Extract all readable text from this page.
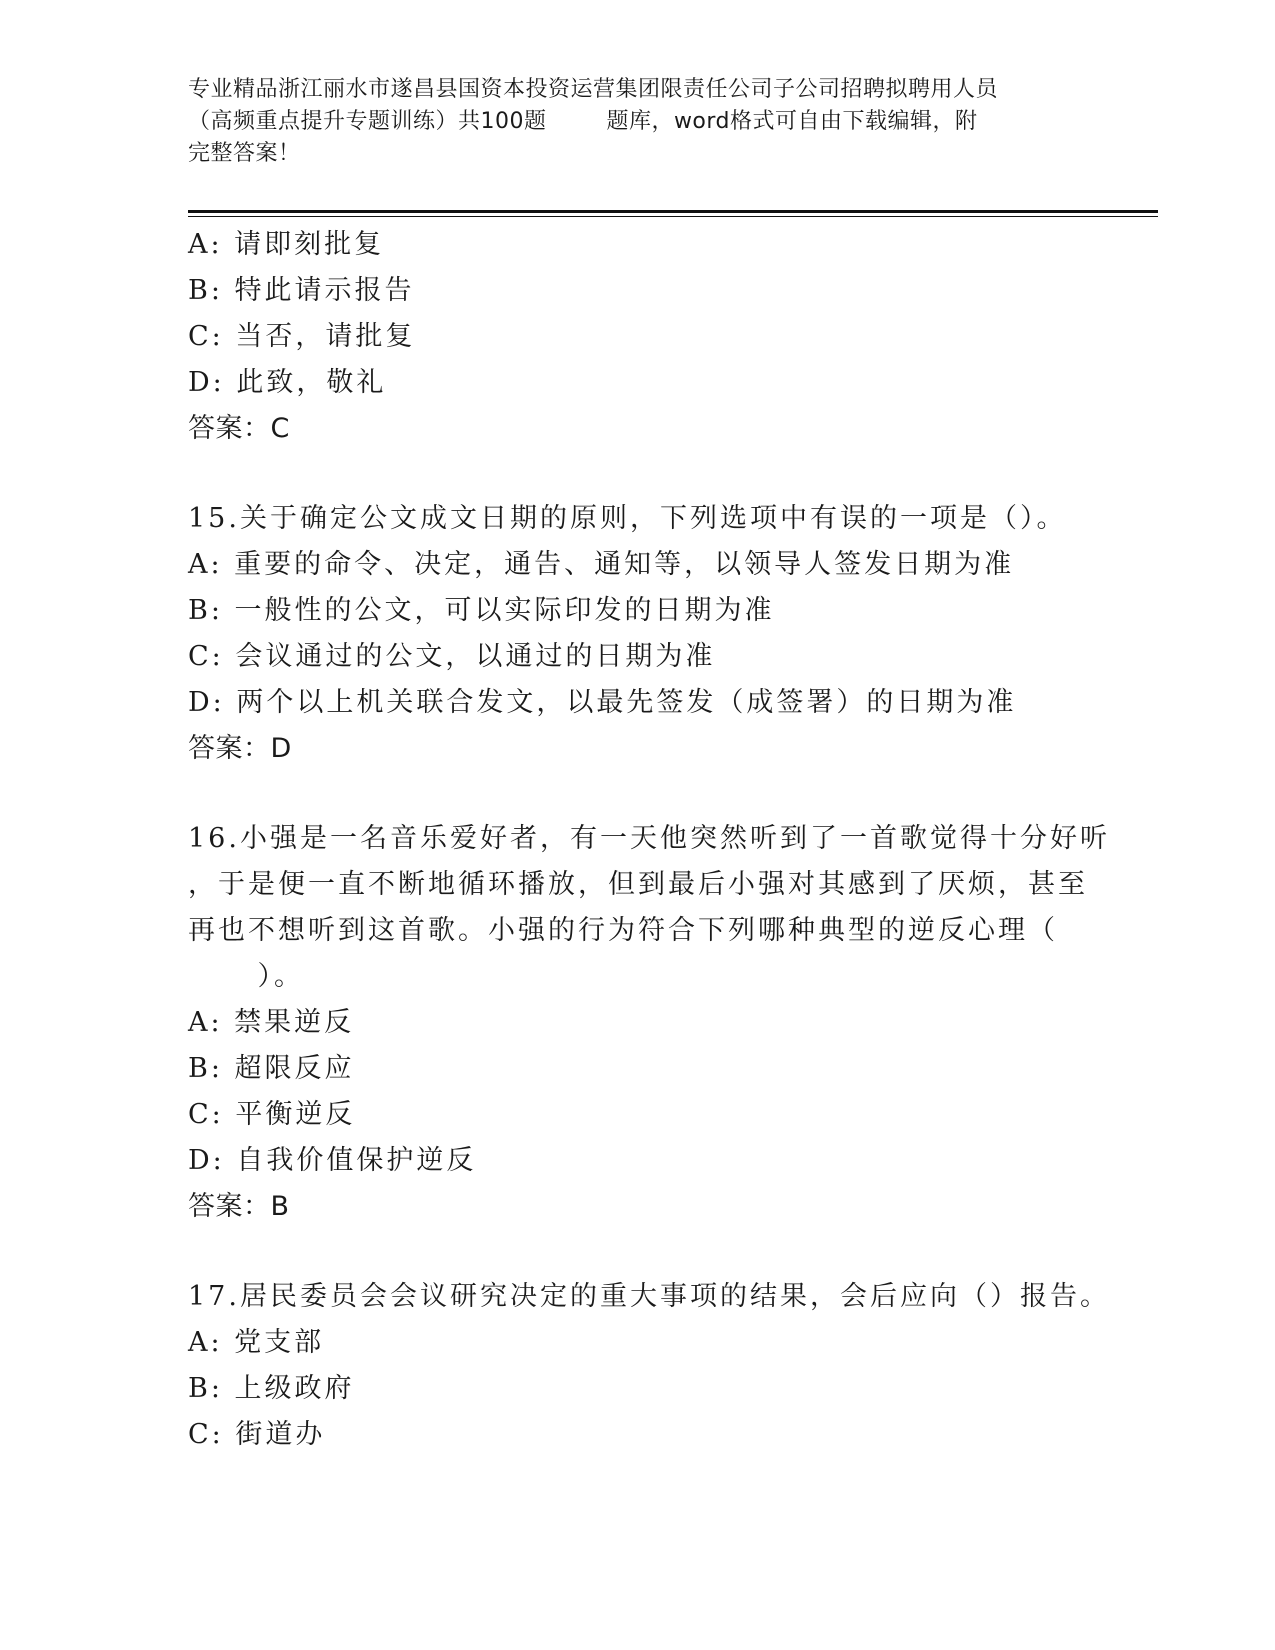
专业精品浙江丽水市遂昌县国资本投资运营集团限责任公司子公司招聘拟聘用人员
（高频重点提升专题训练）共100题        题库，word格式可自由下载编辑，附
完整答案！
A: 请即刻批复
B: 特此请示报告
C: 当否，请批复
D: 此致，敬礼
答案：C
15.关于确定公文成文日期的原则，下列选项中有误的一项是（）。
A: 重要的命令、决定，通告、通知等，以领导人签发日期为准
B: 一般性的公文，可以实际印发的日期为准
C: 会议通过的公文，以通过的日期为准
D: 两个以上机关联合发文，以最先签发（成签署）的日期为准
答案：D
16.小强是一名音乐爱好者，有一天他突然听到了一首歌觉得十分好听
，于是便一直不断地循环播放，但到最后小强对其感到了厌烦，甚至
再也不想听到这首歌。小强的行为符合下列哪种典型的逆反心理（
）。
A: 禁果逆反
B: 超限反应
C: 平衡逆反
D: 自我价值保护逆反
答案：B
17.居民委员会会议研究决定的重大事项的结果，会后应向（）报告。
A: 党支部
B: 上级政府
C: 街道办
